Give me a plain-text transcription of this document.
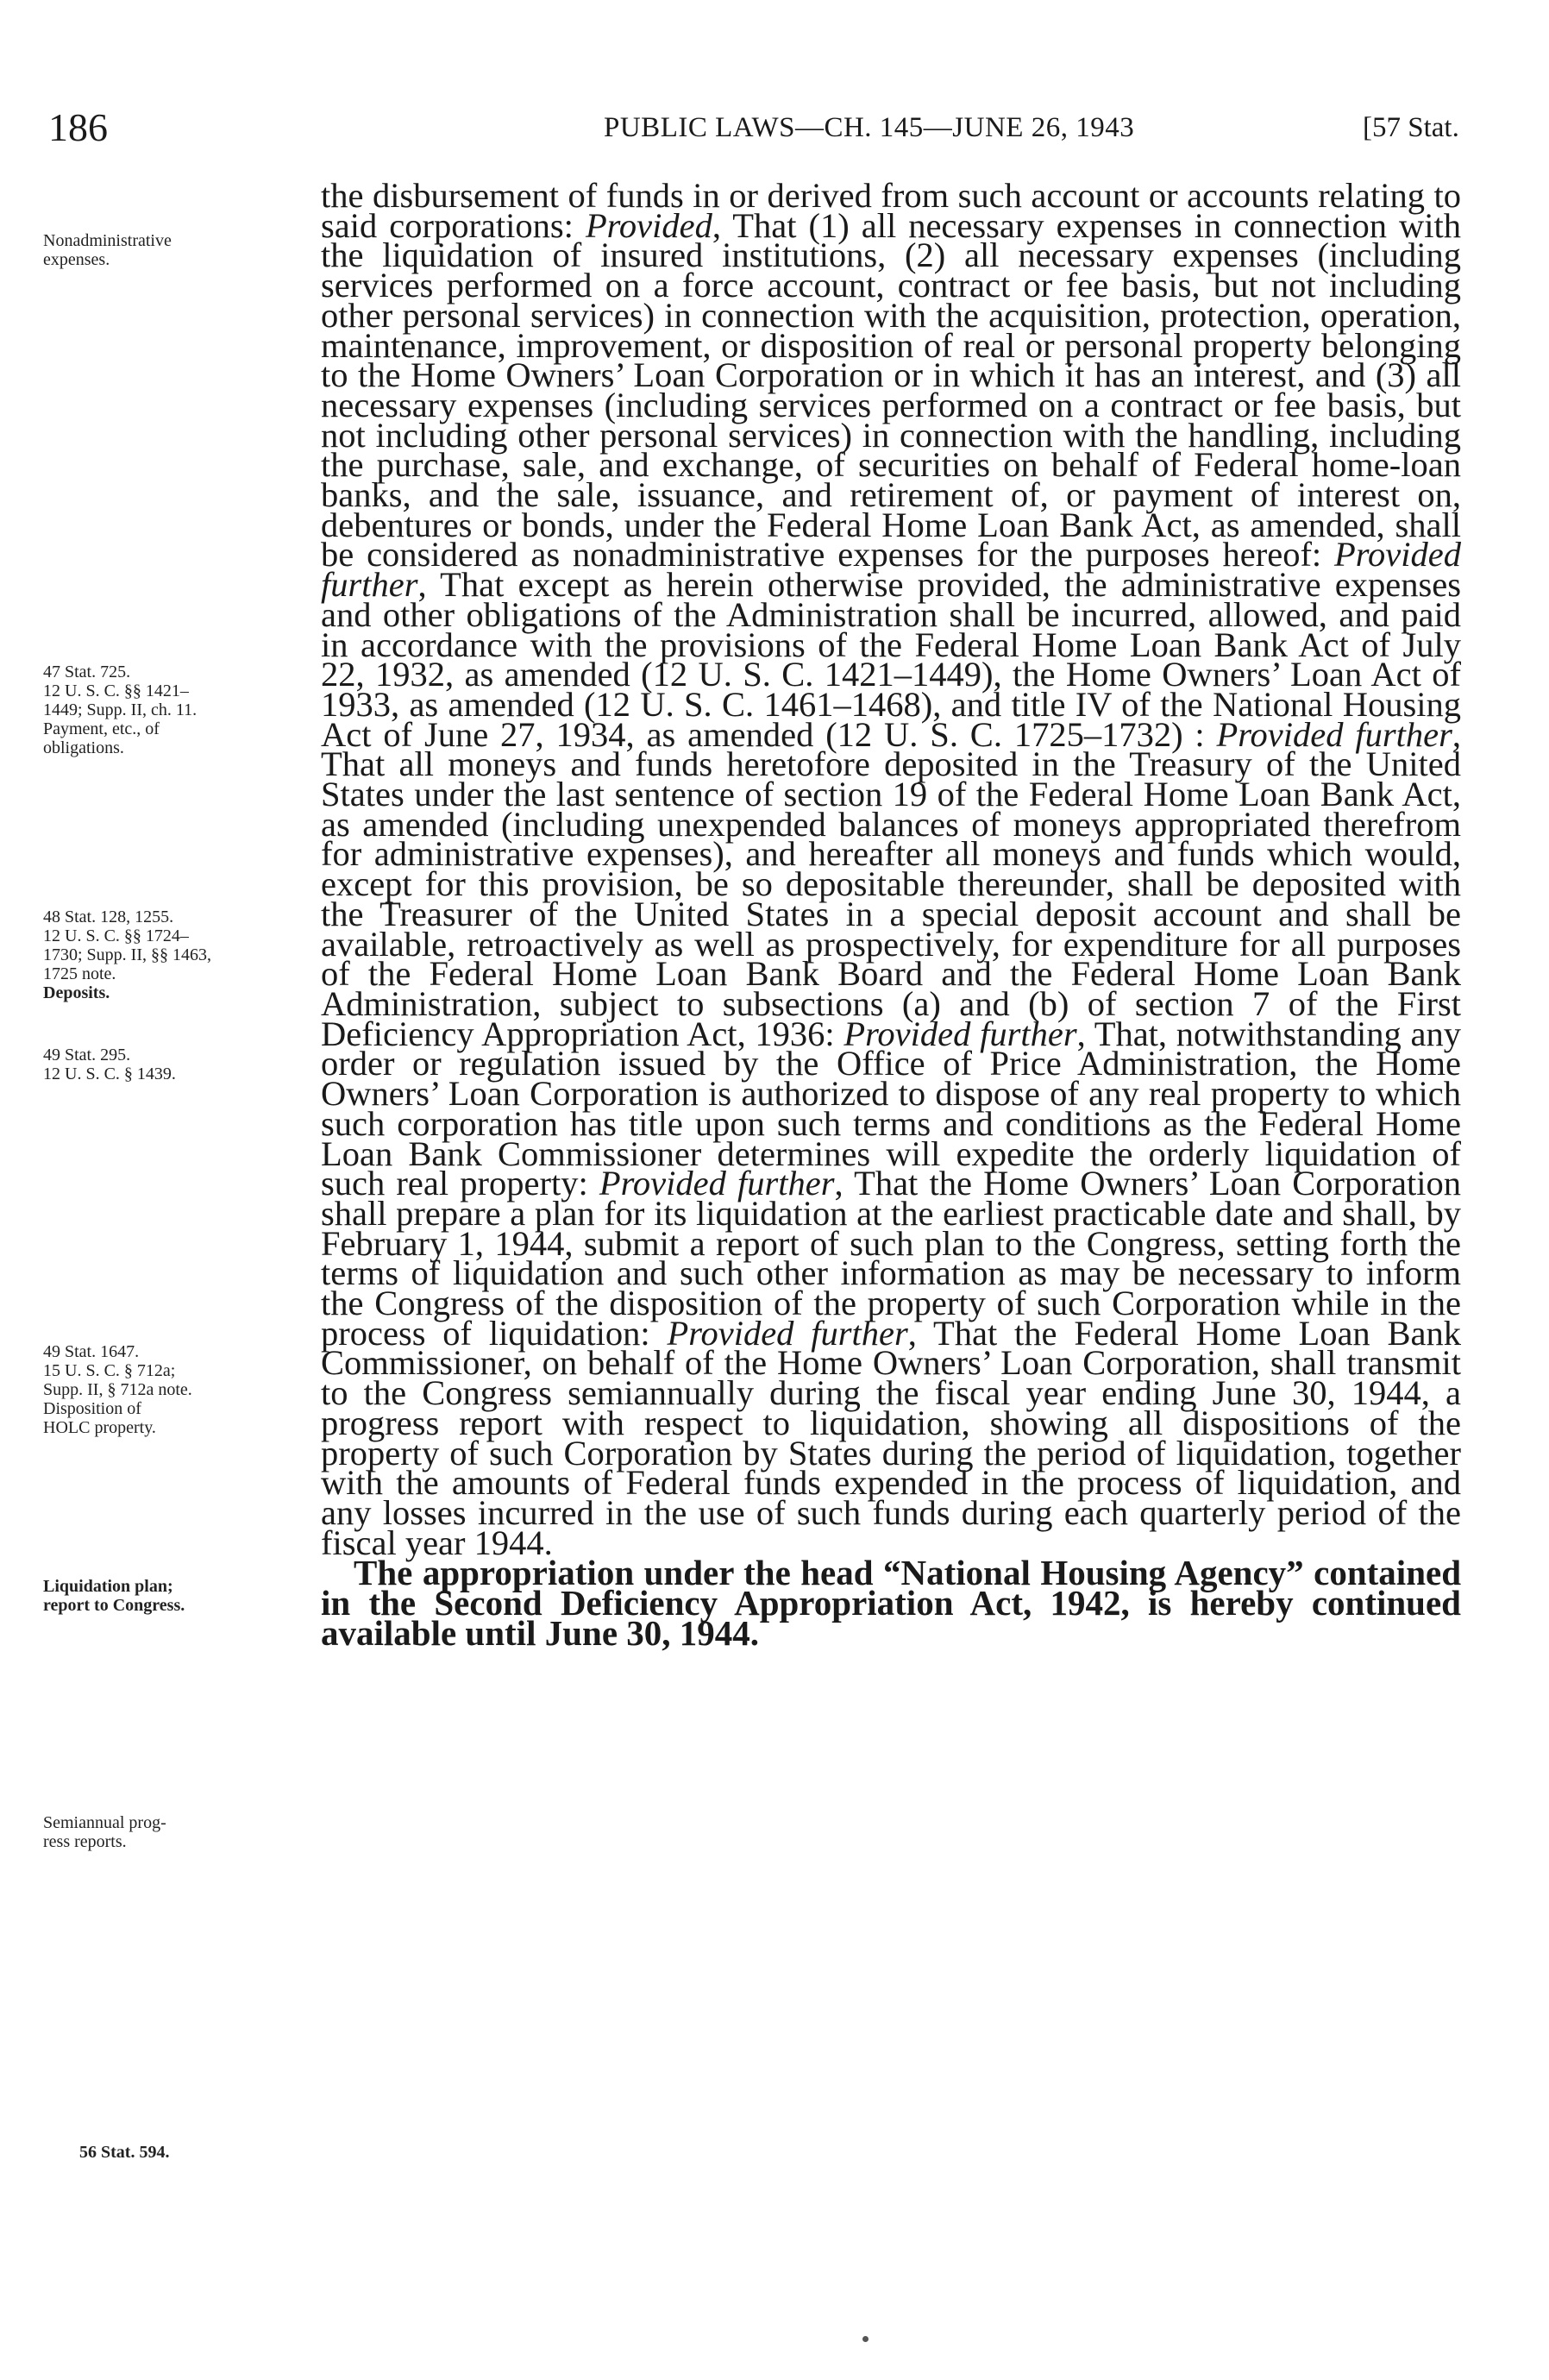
186	PUBLIC LAWS—CH. 145—JUNE 26, 1943	[57 Stat.
Nonadministrative
expenses.
47 Stat. 725.
12 U. S. C. §§ 1421–
1449; Supp. II, ch. 11.
Payment, etc., of
obligations.
48 Stat. 128, 1255.
12 U. S. C. §§ 1724–
1730; Supp. II, §§ 1463,
1725 note.
Deposits.
49 Stat. 295.
12 U. S. C. § 1439.
49 Stat. 1647.
15 U. S. C. § 712a;
Supp. II, § 712a note.
Disposition of
HOLC property.
Liquidation plan;
report to Congress.
Semiannual prog-
ress reports.
56 Stat. 594.

the disbursement of funds in or derived from such account or accounts relating to said corporations: Provided, That (1) all necessary expenses in connection with the liquidation of insured institutions, (2) all necessary expenses (including services performed on a force account, contract or fee basis, but not including other personal services) in connection with the acquisition, protection, operation, maintenance, improvement, or disposition of real or personal property belonging to the Home Owners’ Loan Corporation or in which it has an interest, and (3) all necessary expenses (including services performed on a contract or fee basis, but not including other personal services) in connection with the handling, including the purchase, sale, and exchange, of securities on behalf of Federal home-loan banks, and the sale, issuance, and retirement of, or payment of interest on, debentures or bonds, under the Federal Home Loan Bank Act, as amended, shall be considered as nonadministrative expenses for the purposes hereof: Provided further, That except as herein otherwise provided, the administrative expenses and other obligations of the Administration shall be incurred, allowed, and paid in accordance with the provisions of the Federal Home Loan Bank Act of July 22, 1932, as amended (12 U. S. C. 1421–1449), the Home Owners’ Loan Act of 1933, as amended (12 U. S. C. 1461–1468), and title IV of the National Housing Act of June 27, 1934, as amended (12 U. S. C. 1725–1732) : Provided further, That all moneys and funds heretofore deposited in the Treasury of the United States under the last sentence of section 19 of the Federal Home Loan Bank Act, as amended (including unexpended balances of moneys appropriated therefrom for administrative expenses), and hereafter all moneys and funds which would, except for this provision, be so depositable thereunder, shall be deposited with the Treasurer of the United States in a special deposit account and shall be available, retroactively as well as prospectively, for expenditure for all purposes of the Federal Home Loan Bank Board and the Federal Home Loan Bank Administration, subject to subsections (a) and (b) of section 7 of the First Deficiency Appropriation Act, 1936: Provided further, That, notwithstanding any order or regulation issued by the Office of Price Administration, the Home Owners’ Loan Corporation is authorized to dispose of any real property to which such corporation has title upon such terms and conditions as the Federal Home Loan Bank Commissioner determines will expedite the orderly liquidation of such real property: Provided further, That the Home Owners’ Loan Corporation shall prepare a plan for its liquidation at the earliest practicable date and shall, by February 1, 1944, submit a report of such plan to the Congress, setting forth the terms of liquidation and such other information as may be necessary to inform the Congress of the disposition of the property of such Corporation while in the process of liquidation: Provided further, That the Federal Home Loan Bank Commissioner, on behalf of the Home Owners’ Loan Corporation, shall transmit to the Congress semiannually during the fiscal year ending June 30, 1944, a progress report with respect to liquidation, showing all dispositions of the property of such Corporation by States during the period of liquidation, together with the amounts of Federal funds expended in the process of liquidation, and any losses incurred in the use of such funds during each quarterly period of the fiscal year 1944.

The appropriation under the head “National Housing Agency” contained in the Second Deficiency Appropriation Act, 1942, is hereby continued available until June 30, 1944.
